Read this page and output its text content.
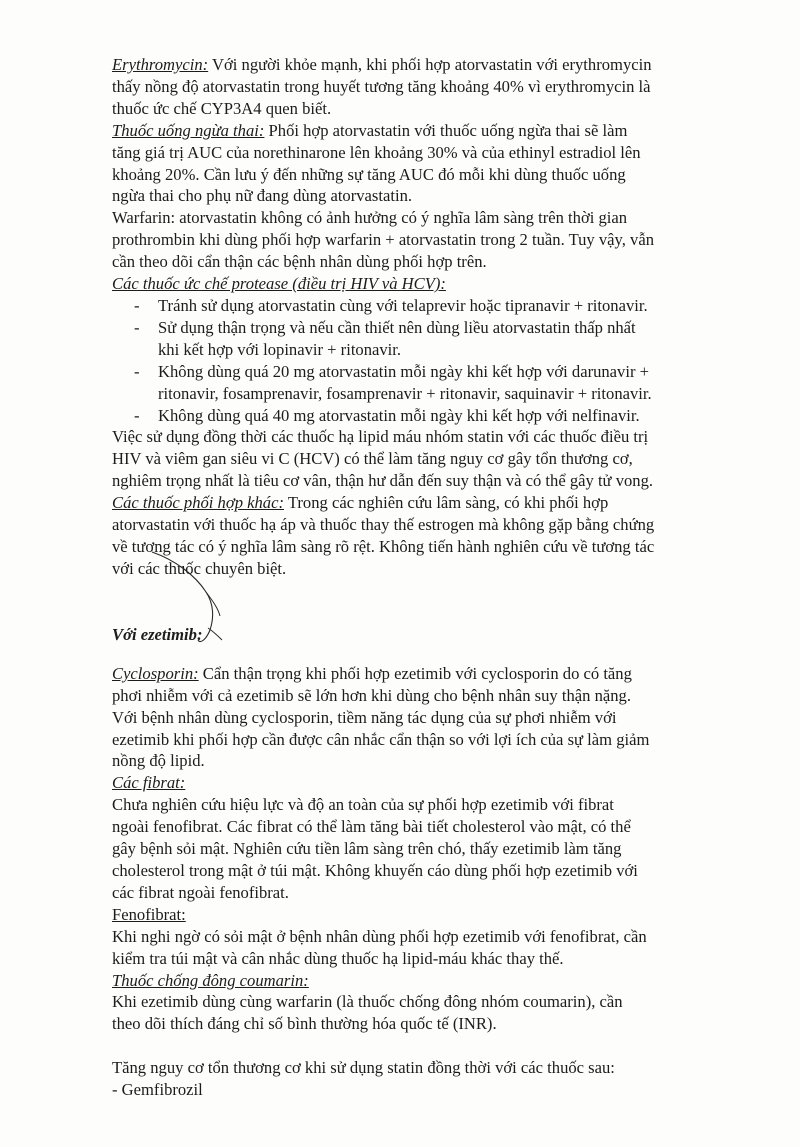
Erythromycin: Với người khỏe mạnh, khi phối hợp atorvastatin với erythromycin

thấy nồng độ atorvastatin trong huyết tương tăng khoảng 40% vì erythromycin là

thuốc ức chế CYP3A4 quen biết.

Thuốc uống ngừa thai: Phối hợp atorvastatin với thuốc uống ngừa thai sẽ làm

tăng giá trị AUC của norethinarone lên khoảng 30% và của ethinyl estradiol lên

khoảng 20%. Cần lưu ý đến những sự tăng AUC đó mỗi khi dùng thuốc uống

ngừa thai cho phụ nữ đang dùng atorvastatin.

Warfarin: atorvastatin không có ảnh hưởng có ý nghĩa lâm sàng trên thời gian

prothrombin khi dùng phối hợp warfarin + atorvastatin trong 2 tuần. Tuy vậy, vẫn

cần theo dõi cẩn thận các bệnh nhân dùng phối hợp trên.

Các thuốc ức chế protease (điều trị HIV và HCV):

- Tránh sử dụng atorvastatin cùng với telaprevir hoặc tipranavir + ritonavir.

- Sử dụng thận trọng và nếu cần thiết nên dùng liều atorvastatin thấp nhất

khi kết hợp với lopinavir + ritonavir.

- Không dùng quá 20 mg atorvastatin mỗi ngày khi kết hợp với darunavir +

ritonavir, fosamprenavir, fosamprenavir + ritonavir, saquinavir + ritonavir.

- Không dùng quá 40 mg atorvastatin mỗi ngày khi kết hợp với nelfinavir.

Việc sử dụng đồng thời các thuốc hạ lipid máu nhóm statin với các thuốc điều trị

HIV và viêm gan siêu vi C (HCV) có thể làm tăng nguy cơ gây tổn thương cơ,

nghiêm trọng nhất là tiêu cơ vân, thận hư dẫn đến suy thận và có thể gây tử vong.

Các thuốc phối hợp khác: Trong các nghiên cứu lâm sàng, có khi phối hợp

atorvastatin với thuốc hạ áp và thuốc thay thế estrogen mà không gặp bằng chứng

về tương tác có ý nghĩa lâm sàng rõ rệt. Không tiến hành nghiên cứu về tương tác

với các thuốc chuyên biệt.

Với ezetimib:

Cyclosporin: Cẩn thận trọng khi phối hợp ezetimib với cyclosporin do có tăng

phơi nhiễm với cả ezetimib sẽ lớn hơn khi dùng cho bệnh nhân suy thận nặng.

Với bệnh nhân dùng cyclosporin, tiềm năng tác dụng của sự phơi nhiễm với

ezetimib khi phối hợp cần được cân nhắc cẩn thận so với lợi ích của sự làm giảm

nồng độ lipid.

Các fibrat:

Chưa nghiên cứu hiệu lực và độ an toàn của sự phối hợp ezetimib với fibrat

ngoài fenofibrat. Các fibrat có thể làm tăng bài tiết cholesterol vào mật, có thể

gây bệnh sỏi mật. Nghiên cứu tiền lâm sàng trên chó, thấy ezetimib làm tăng

cholesterol trong mật ở túi mật. Không khuyến cáo dùng phối hợp ezetimib với

các fibrat ngoài fenofibrat.

Fenofibrat:

Khi nghi ngờ có sỏi mật ở bệnh nhân dùng phối hợp ezetimib với fenofibrat, cần

kiểm tra túi mật và cân nhắc dùng thuốc hạ lipid-máu khác thay thế.

Thuốc chống đông coumarin:

Khi ezetimib dùng cùng warfarin (là thuốc chống đông nhóm coumarin), cần

theo dõi thích đáng chỉ số bình thường hóa quốc tế (INR).

Tăng nguy cơ tổn thương cơ khi sử dụng statin đồng thời với các thuốc sau:

- Gemfibrozil
